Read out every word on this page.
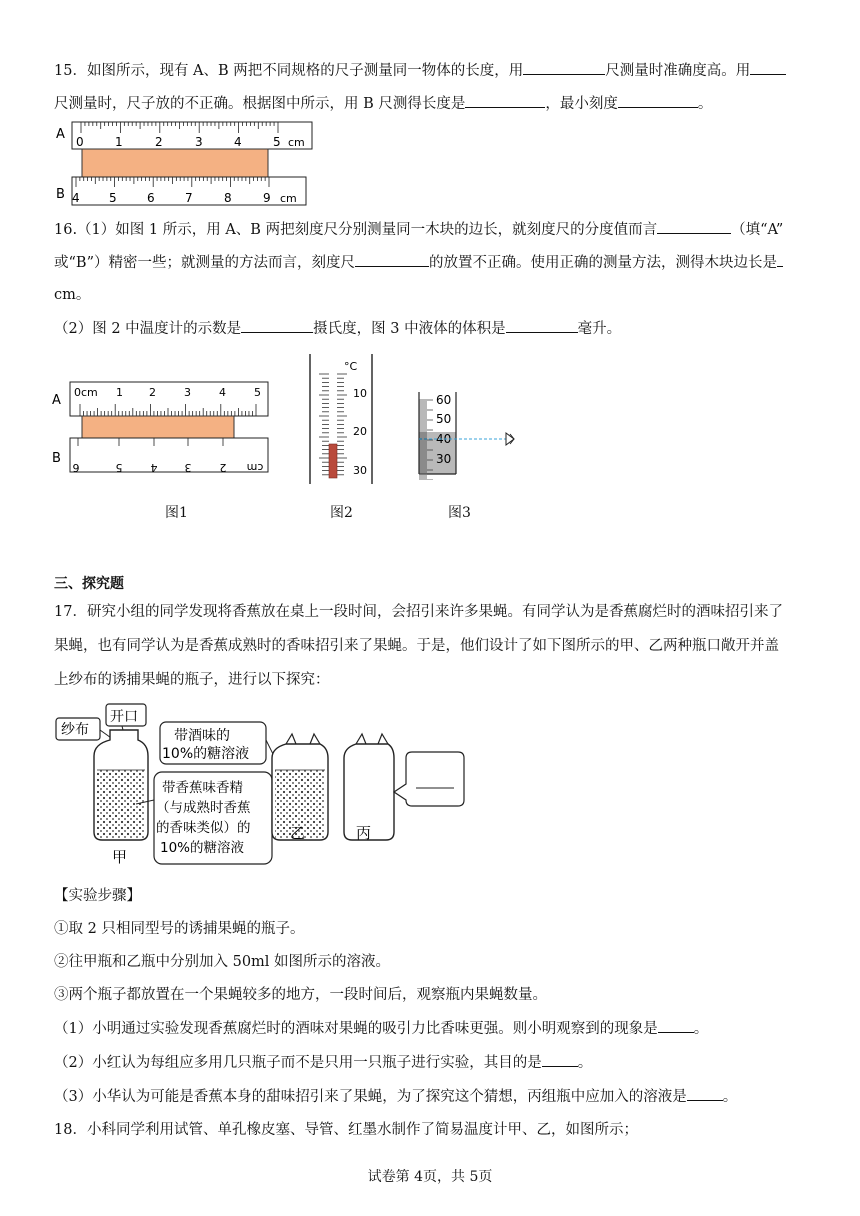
15．如图所示，现有 A、B 两把不同规格的尺子测量同一物体的长度，用	尺测量时准确度高。用
尺测量时，尺子放的不正确。根据图中所示，用 B 尺测得长度是	，最小刻度	。
A 0	1	2	3	4	5 cm
B 4 5	6	7	8	9 cm
16.（1）如图 1 所示，用 A、B 两把刻度尺分别测量同一木块的边长，就刻度尺的分度值而言	（填“A”
或“B”）精密一些；就测量的方法而言，刻度尺	的放置不正确。使用正确的测量方法，测得木块边长是
cm。
（2）图 2 中温度计的示数是	摄氏度，图 3 中液体的体积是	毫升。
A
0cm 1 2	3	4	5
B
6	5	4 3	2 cm
图1
°C
10
20
30
图2
60
50
40
30
图3
三、探究题
17．研究小组的同学发现将香蕉放在桌上一段时间，会招引来许多果蝇。有同学认为是香蕉腐烂时的酒味招引来了
果蝇，也有同学认为是香蕉成熟时的香味招引来了果蝇。于是，他们设计了如下图所示的甲、乙两种瓶口敞开并盖
上纱布的诱捕果蝇的瓶子，进行以下探究：
纱布
开口
甲
带酒味的
10%的糖溶液
带香蕉味香精
（与成熟时香蕉
的香味类似）的
10%的糖溶液
乙	丙
【实验步骤】
①取 2 只相同型号的诱捕果蝇的瓶子。
②往甲瓶和乙瓶中分别加入 50ml 如图所示的溶液。
③两个瓶子都放置在一个果蝇较多的地方，一段时间后，观察瓶内果蝇数量。
（1）小明通过实验发现香蕉腐烂时的酒味对果蝇的吸引力比香味更强。则小明观察到的现象是 。
（2）小红认为每组应多用几只瓶子而不是只用一只瓶子进行实验，其目的是 。
（3）小华认为可能是香蕉本身的甜味招引来了果蝇，为了探究这个猜想，丙组瓶中应加入的溶液是 。
18．小科同学利用试管、单孔橡皮塞、导管、红墨水制作了简易温度计甲、乙，如图所示；
试卷第 4页，共 5页
